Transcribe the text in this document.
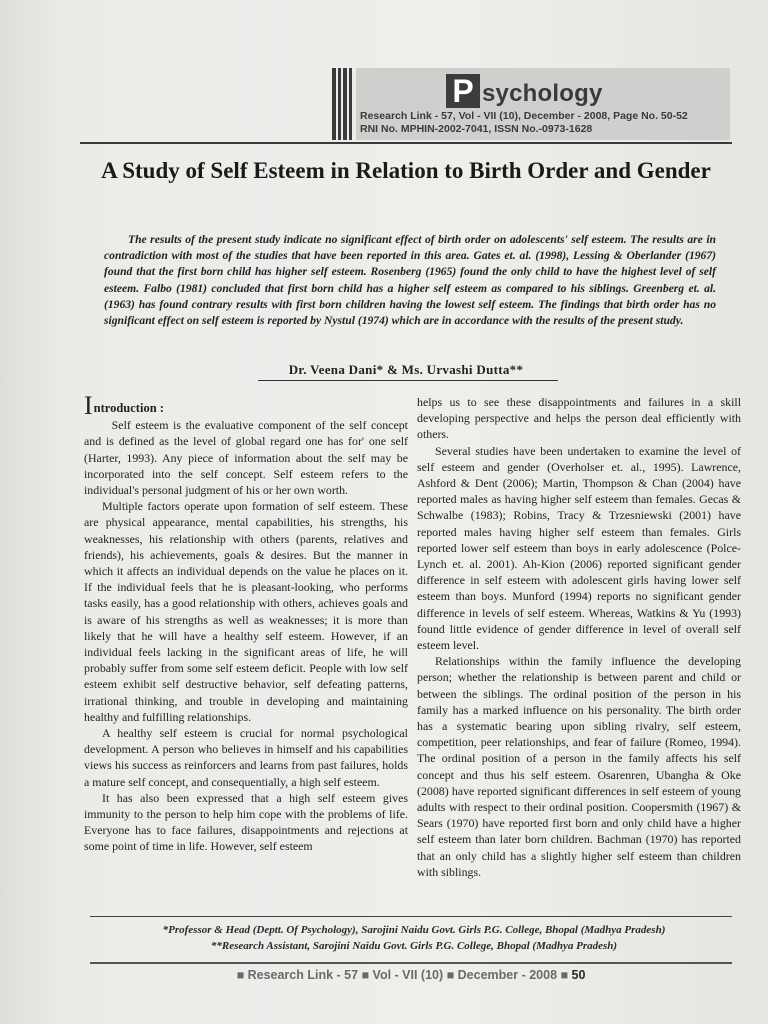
P sychology
Research Link - 57, Vol - VII (10), December - 2008, Page No. 50-52
RNI No. MPHIN-2002-7041, ISSN No.-0973-1628
A Study of Self Esteem in Relation to Birth Order and Gender
The results of the present study indicate no significant effect of birth order on adolescents' self esteem. The results are in contradiction with most of the studies that have been reported in this area. Gates et. al. (1998), Lessing & Oberlander (1967) found that the first born child has higher self esteem. Rosenberg (1965) found the only child to have the highest level of self esteem. Falbo (1981) concluded that first born child has a higher self esteem as compared to his siblings. Greenberg et. al. (1963) has found contrary results with first born children having the lowest self esteem. The findings that birth order has no significant effect on self esteem is reported by Nystul (1974) which are in accordance with the results of the present study.
Dr. Veena Dani* & Ms. Urvashi Dutta**

I ntroduction :

Self esteem is the evaluative component of the self concept and is defined as the level of global regard one has for' one self (Harter, 1993). Any piece of information about the self may be incorporated into the self concept. Self esteem refers to the individual's personal judgment of his or her own worth.

Multiple factors operate upon formation of self esteem. These are physical appearance, mental capabilities, his strengths, his weaknesses, his relationship with others (parents, relatives and friends), his achievements, goals & desires. But the manner in which it affects an individual depends on the value he places on it. If the individual feels that he is pleasant-looking, who performs tasks easily, has a good relationship with others, achieves goals and is aware of his strengths as well as weaknesses; it is more than likely that he will have a healthy self esteem. However, if an individual feels lacking in the significant areas of life, he will probably suffer from some self esteem deficit. People with low self esteem exhibit self destructive behavior, self defeating patterns, irrational thinking, and trouble in developing and maintaining healthy and fulfilling relationships.

A healthy self esteem is crucial for normal psychological development. A person who believes in himself and his capabilities views his success as reinforcers and learns from past failures, holds a mature self concept, and consequentially, a high self esteem.

It has also been expressed that a high self esteem gives immunity to the person to help him cope with the problems of life. Everyone has to face failures, disappointments and rejections at some point of time in life. However, self esteem

helps us to see these disappointments and failures in a skill developing perspective and helps the person deal efficiently with others.

Several studies have been undertaken to examine the level of self esteem and gender (Overholser et. al., 1995). Lawrence, Ashford & Dent (2006); Martin, Thompson & Chan (2004) have reported males as having higher self esteem than females. Gecas & Schwalbe (1983); Robins, Tracy & Trzesniewski (2001) have reported males having higher self esteem than females. Girls reported lower self esteem than boys in early adolescence (Polce-Lynch et. al. 2001). Ah-Kion (2006) reported significant gender difference in self esteem with adolescent girls having lower self esteem than boys. Munford (1994) reports no significant gender difference in levels of self esteem. Whereas, Watkins & Yu (1993) found little evidence of gender difference in level of overall self esteem level.

Relationships within the family influence the developing person; whether the relationship is between parent and child or between the siblings. The ordinal position of the person in his family has a marked influence on his personality. The birth order has a systematic bearing upon sibling rivalry, self esteem, competition, peer relationships, and fear of failure (Romeo, 1994). The ordinal position of a person in the family affects his self concept and thus his self esteem. Osarenren, Ubangha & Oke (2008) have reported significant differences in self esteem of young adults with respect to their ordinal position. Coopersmith (1967) & Sears (1970) have reported first born and only child have a higher self esteem than later born children. Bachman (1970) has reported that an only child has a slightly higher self esteem than children with siblings.

*Professor & Head (Deptt. Of Psychology), Sarojini Naidu Govt. Girls P.G. College, Bhopal (Madhya Pradesh)
**Research Assistant, Sarojini Naidu Govt. Girls P.G. College, Bhopal (Madhya Pradesh)
■ Research Link - 57 ■ Vol - VII (10) ■ December - 2008 ■ 50
